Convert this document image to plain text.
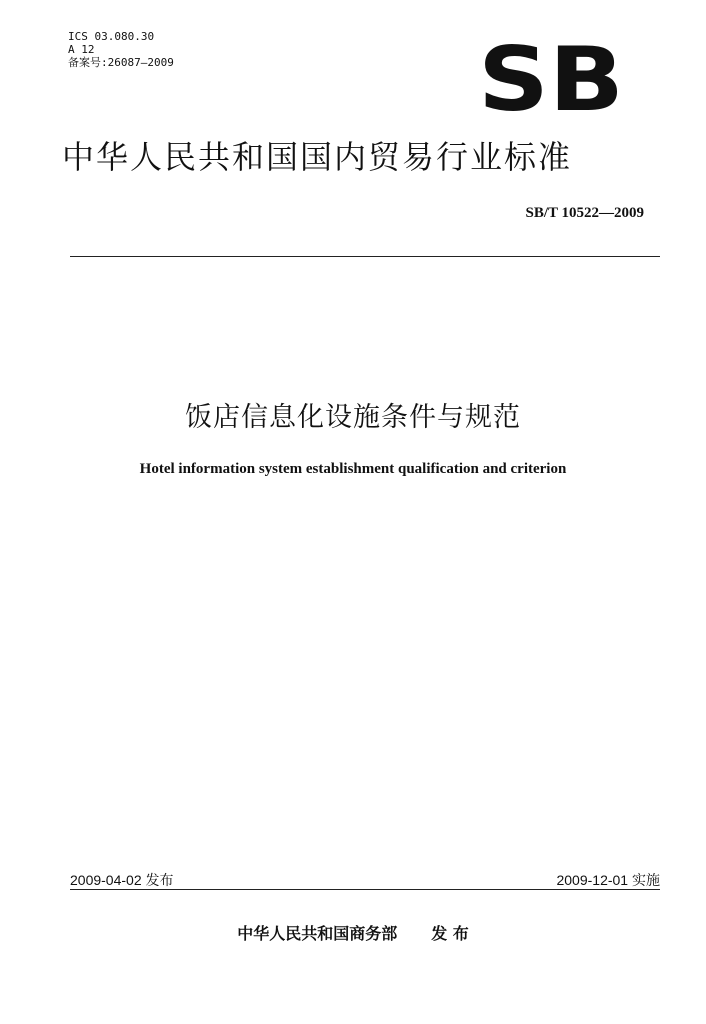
ICS 03.080.30
A 12
备案号:26087—2009	SB
中华人民共和国国内贸易行业标准
SB/T 10522—2009
饭店信息化设施条件与规范
Hotel information system establishment qualification and criterion
2009-04-02 发布	2009-12-01 实施
中华人民共和国商务部 发 布
